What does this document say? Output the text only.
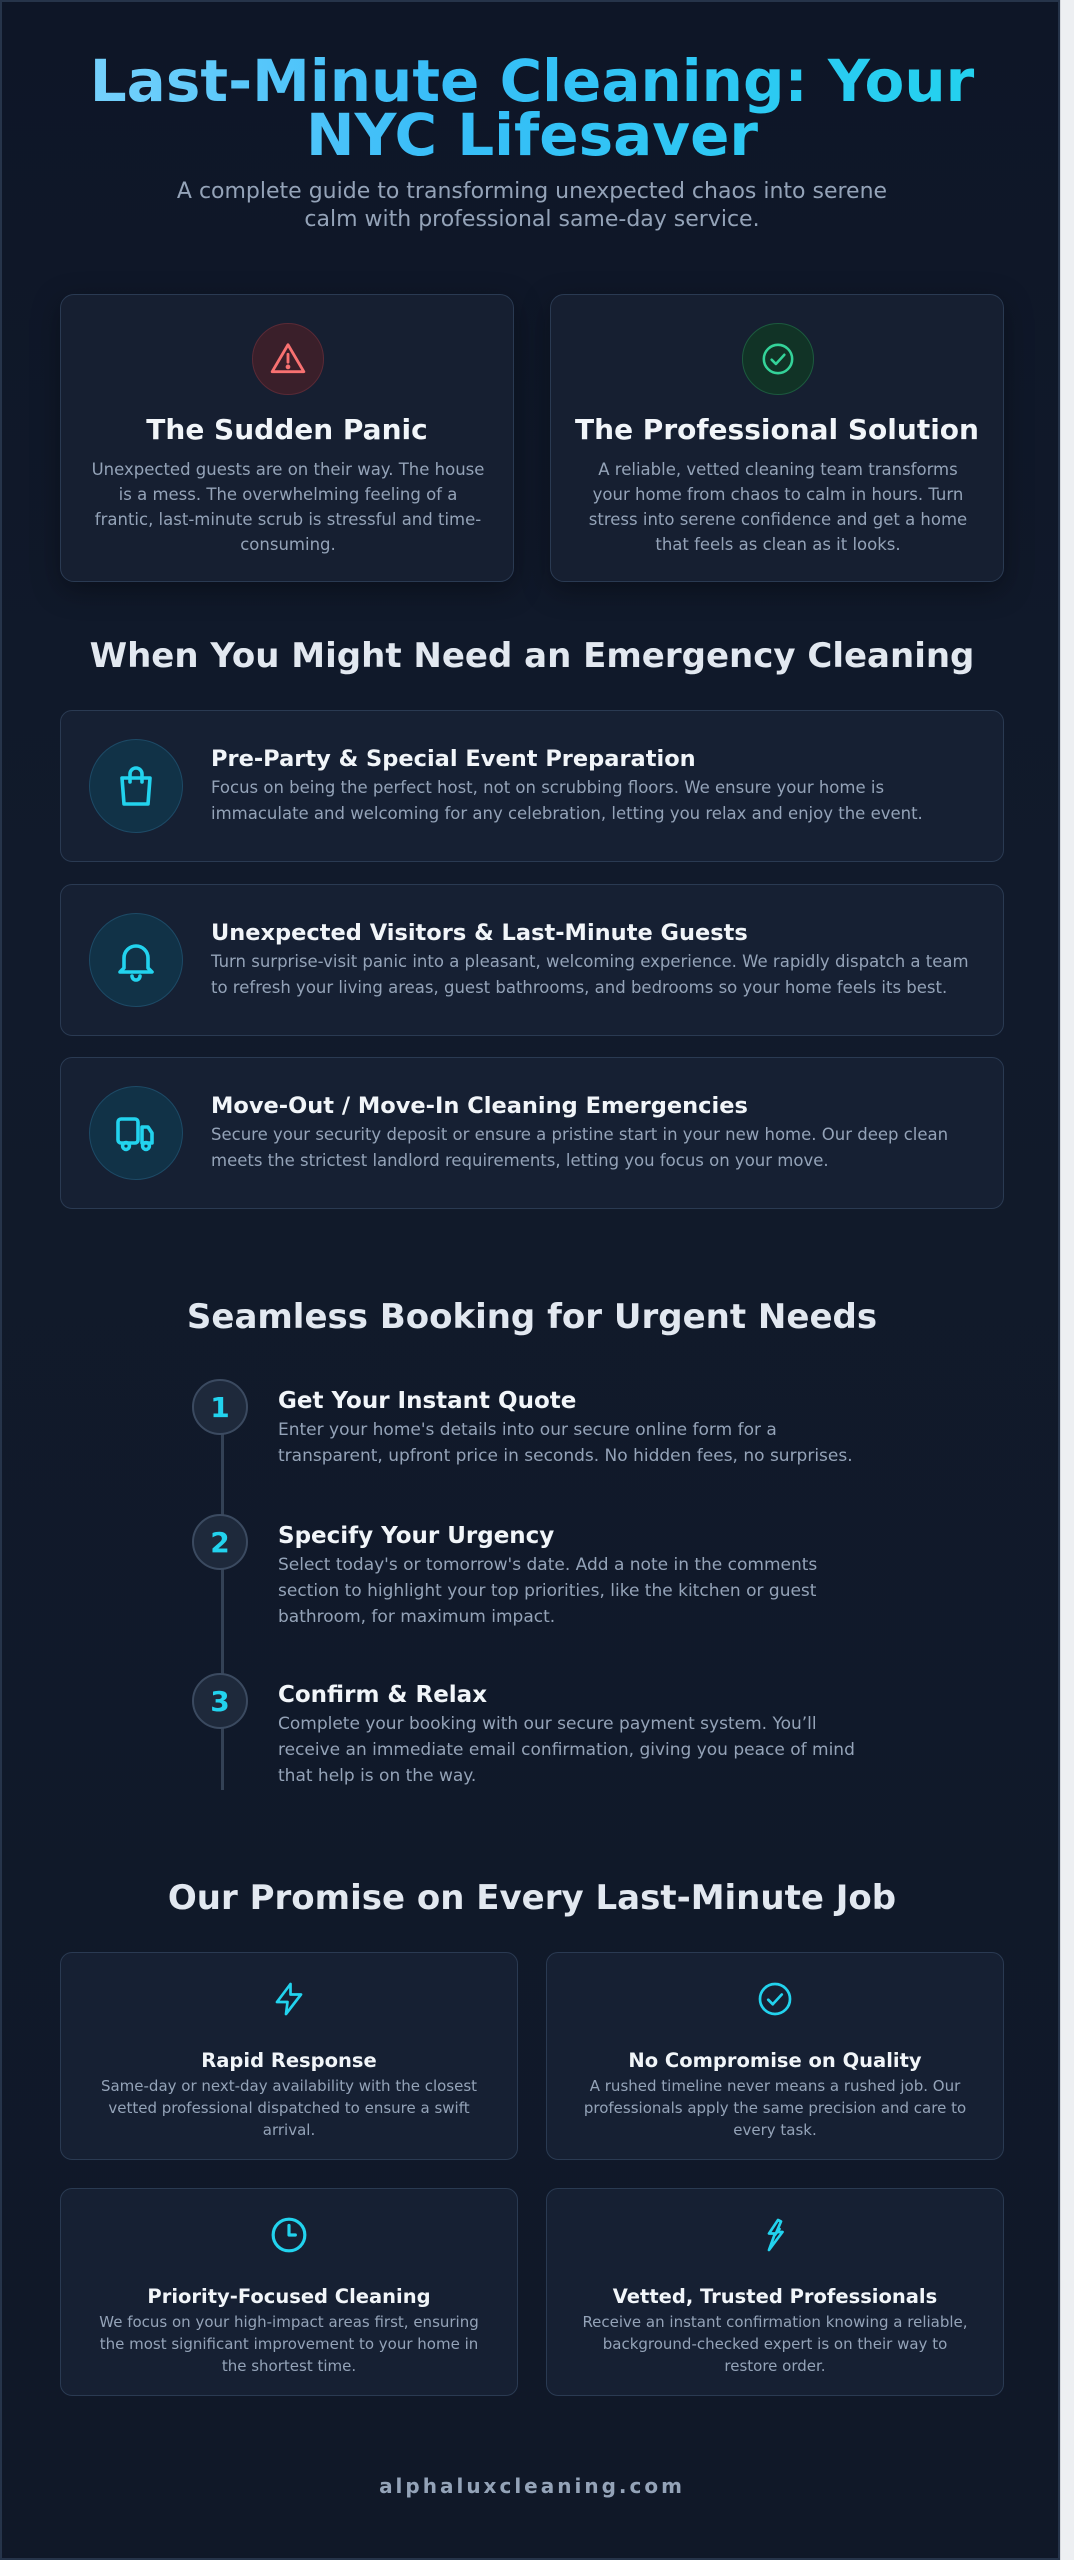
Last-Minute Cleaning: Your NYC Lifesaver

A complete guide to transforming unexpected chaos into serene calm with professional same-day service.

The Sudden Panic

Unexpected guests are on their way. The house is a mess. The overwhelming feeling of a frantic, last-minute scrub is stressful and time-consuming.

The Professional Solution

A reliable, vetted cleaning team transforms your home from chaos to calm in hours. Turn stress into serene confidence and get a home that feels as clean as it looks.

When You Might Need an Emergency Cleaning
Pre-Party & Special Event Preparation

Focus on being the perfect host, not on scrubbing floors. We ensure your home is immaculate and welcoming for any celebration, letting you relax and enjoy the event.

Unexpected Visitors & Last-Minute Guests

Turn surprise-visit panic into a pleasant, welcoming experience. We rapidly dispatch a team to refresh your living areas, guest bathrooms, and bedrooms so your home feels its best.

Move-Out / Move-In Cleaning Emergencies

Secure your security deposit or ensure a pristine start in your new home. Our deep clean meets the strictest landlord requirements, letting you focus on your move.

Seamless Booking for Urgent Needs
1	Get Your Instant Quote

Enter your home's details into our secure online form for a transparent, upfront price in seconds. No hidden fees, no surprises.

2	Specify Your Urgency

Select today's or tomorrow's date. Add a note in the comments section to highlight your top priorities, like the kitchen or guest bathroom, for maximum impact.

3	Confirm & Relax

Complete your booking with our secure payment system. You’ll receive an immediate email confirmation, giving you peace of mind that help is on the way.

Our Promise on Every Last-Minute Job
Rapid Response

Same-day or next-day availability with the closest vetted professional dispatched to ensure a swift arrival.

No Compromise on Quality

A rushed timeline never means a rushed job. Our professionals apply the same precision and care to every task.

Priority-Focused Cleaning

We focus on your high-impact areas first, ensuring the most significant improvement to your home in the shortest time.

Vetted, Trusted Professionals

Receive an instant confirmation knowing a reliable, background-checked expert is on their way to restore order.

alphaluxcleaning.com
